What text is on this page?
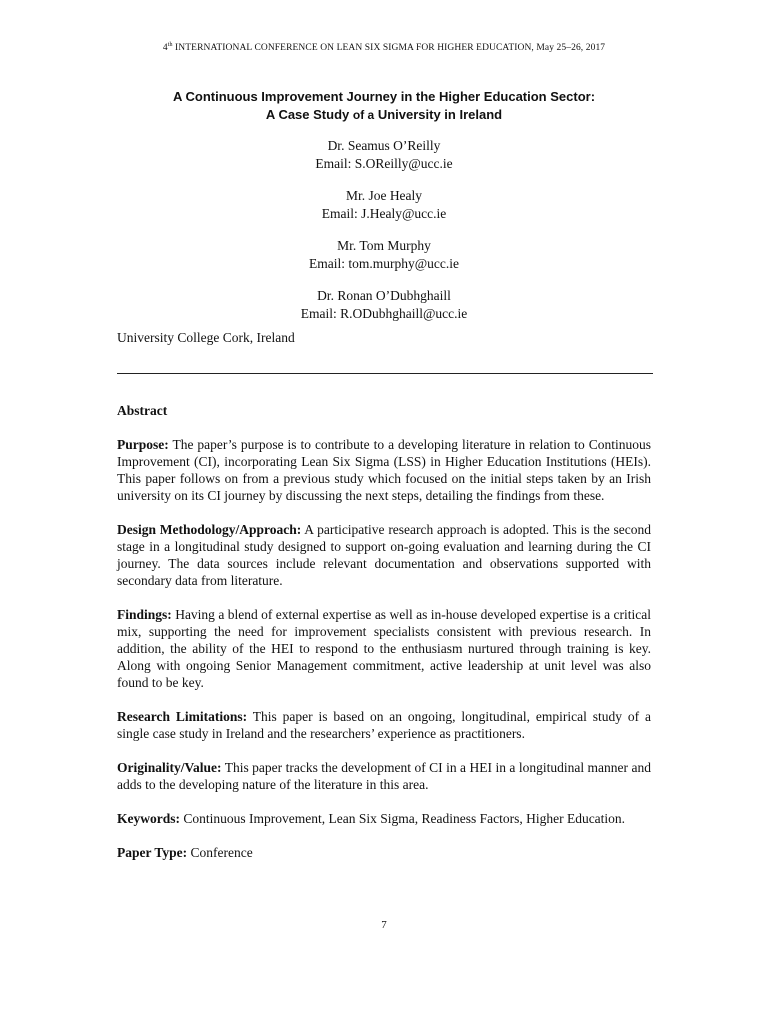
4th INTERNATIONAL CONFERENCE ON LEAN SIX SIGMA FOR HIGHER EDUCATION, May 25–26, 2017
A Continuous Improvement Journey in the Higher Education Sector:
A Case Study of a University in Ireland
Dr. Seamus O’Reilly
Email: S.OReilly@ucc.ie
Mr. Joe Healy
Email: J.Healy@ucc.ie
Mr. Tom Murphy
Email: tom.murphy@ucc.ie
Dr. Ronan O’Dubhghaill
Email: R.ODubhghaill@ucc.ie
University College Cork, Ireland
Abstract

Purpose: The paper’s purpose is to contribute to a developing literature in relation to Continuous Improvement (CI), incorporating Lean Six Sigma (LSS) in Higher Education Institutions (HEIs). This paper follows on from a previous study which focused on the initial steps taken by an Irish university on its CI journey by discussing the next steps, detailing the findings from these.

Design Methodology/Approach: A participative research approach is adopted. This is the second stage in a longitudinal study designed to support on-going evaluation and learning during the CI journey. The data sources include relevant documentation and observations supported with secondary data from literature.

Findings: Having a blend of external expertise as well as in-house developed expertise is a critical mix, supporting the need for improvement specialists consistent with previous research. In addition, the ability of the HEI to respond to the enthusiasm nurtured through training is key. Along with ongoing Senior Management commitment, active leadership at unit level was also found to be key.

Research Limitations: This paper is based on an ongoing, longitudinal, empirical study of a single case study in Ireland and the researchers’ experience as practitioners.

Originality/Value: This paper tracks the development of CI in a HEI in a longitudinal manner and adds to the developing nature of the literature in this area.

Keywords: Continuous Improvement, Lean Six Sigma, Readiness Factors, Higher Education.

Paper Type: Conference

7
